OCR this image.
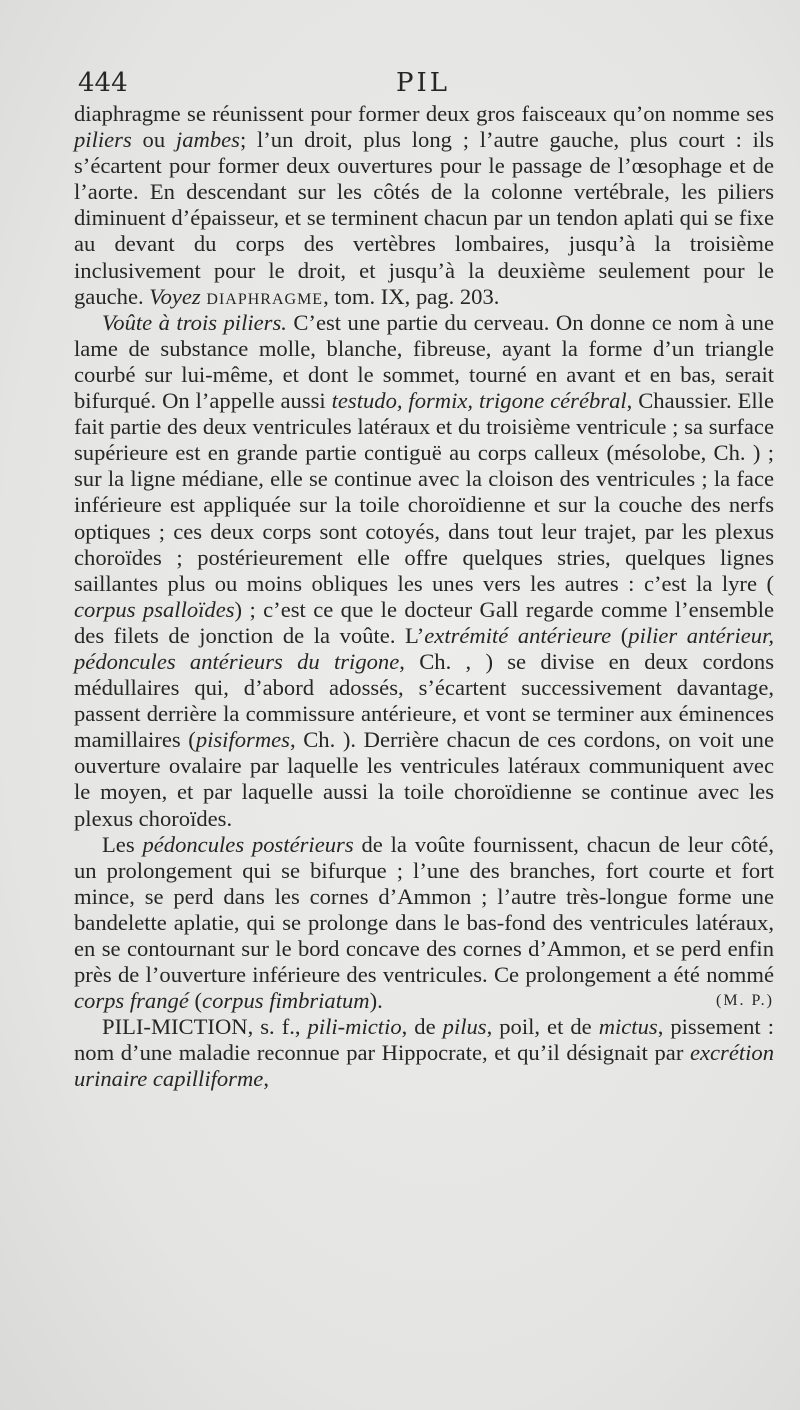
444	PIL

diaphragme se réunissent pour former deux gros faisceaux qu’on nomme ses piliers ou jambes; l’un droit, plus long ; l’autre gauche, plus court : ils s’écartent pour former deux ouvertures pour le passage de l’œsophage et de l’aorte. En descendant sur les côtés de la colonne vertébrale, les piliers diminuent d’épaisseur, et se terminent chacun par un tendon aplati qui se fixe au devant du corps des vertèbres lombaires, jusqu’à la troisième inclusivement pour le droit, et jusqu’à la deuxième seulement pour le gauche. Voyez diaphragme, tom. IX, pag. 203.

Voûte à trois piliers. C’est une partie du cerveau. On donne ce nom à une lame de substance molle, blanche, fibreuse, ayant la forme d’un triangle courbé sur lui-même, et dont le sommet, tourné en avant et en bas, serait bifurqué. On l’appelle aussi testudo, formix, trigone cérébral, Chaussier. Elle fait partie des deux ventricules latéraux et du troisième ventricule ; sa surface supérieure est en grande partie contiguë au corps calleux (mésolobe, Ch. ) ; sur la ligne médiane, elle se continue avec la cloison des ventricules ; la face inférieure est appliquée sur la toile choroïdienne et sur la couche des nerfs optiques ; ces deux corps sont cotoyés, dans tout leur trajet, par les plexus choroïdes ; postérieurement elle offre quelques stries, quelques lignes saillantes plus ou moins obliques les unes vers les autres : c’est la lyre ( corpus psalloïdes) ; c’est ce que le docteur Gall regarde comme l’ensemble des filets de jonction de la voûte. L’extrémité antérieure (pilier antérieur, pédoncules antérieurs du trigone, Ch. , ) se divise en deux cordons médullaires qui, d’abord adossés, s’écartent successivement davantage, passent derrière la commissure antérieure, et vont se terminer aux éminences mamillaires (pisiformes, Ch. ). Derrière chacun de ces cordons, on voit une ouverture ovalaire par laquelle les ventricules latéraux communiquent avec le moyen, et par laquelle aussi la toile choroïdienne se continue avec les plexus choroïdes.

Les pédoncules postérieurs de la voûte fournissent, chacun de leur côté, un prolongement qui se bifurque ; l’une des branches, fort courte et fort mince, se perd dans les cornes d’Ammon ; l’autre très-longue forme une bandelette aplatie, qui se prolonge dans le bas-fond des ventricules latéraux, en se contournant sur le bord concave des cornes d’Ammon, et se perd enfin près de l’ouverture inférieure des ventricules. Ce prolongement a été nommé corps frangé (corpus fimbriatum).	(M. P.)

PILI-MICTION, s. f., pili-mictio, de pilus, poil, et de mictus, pissement : nom d’une maladie reconnue par Hippocrate, et qu’il désignait par excrétion urinaire capilliforme,
